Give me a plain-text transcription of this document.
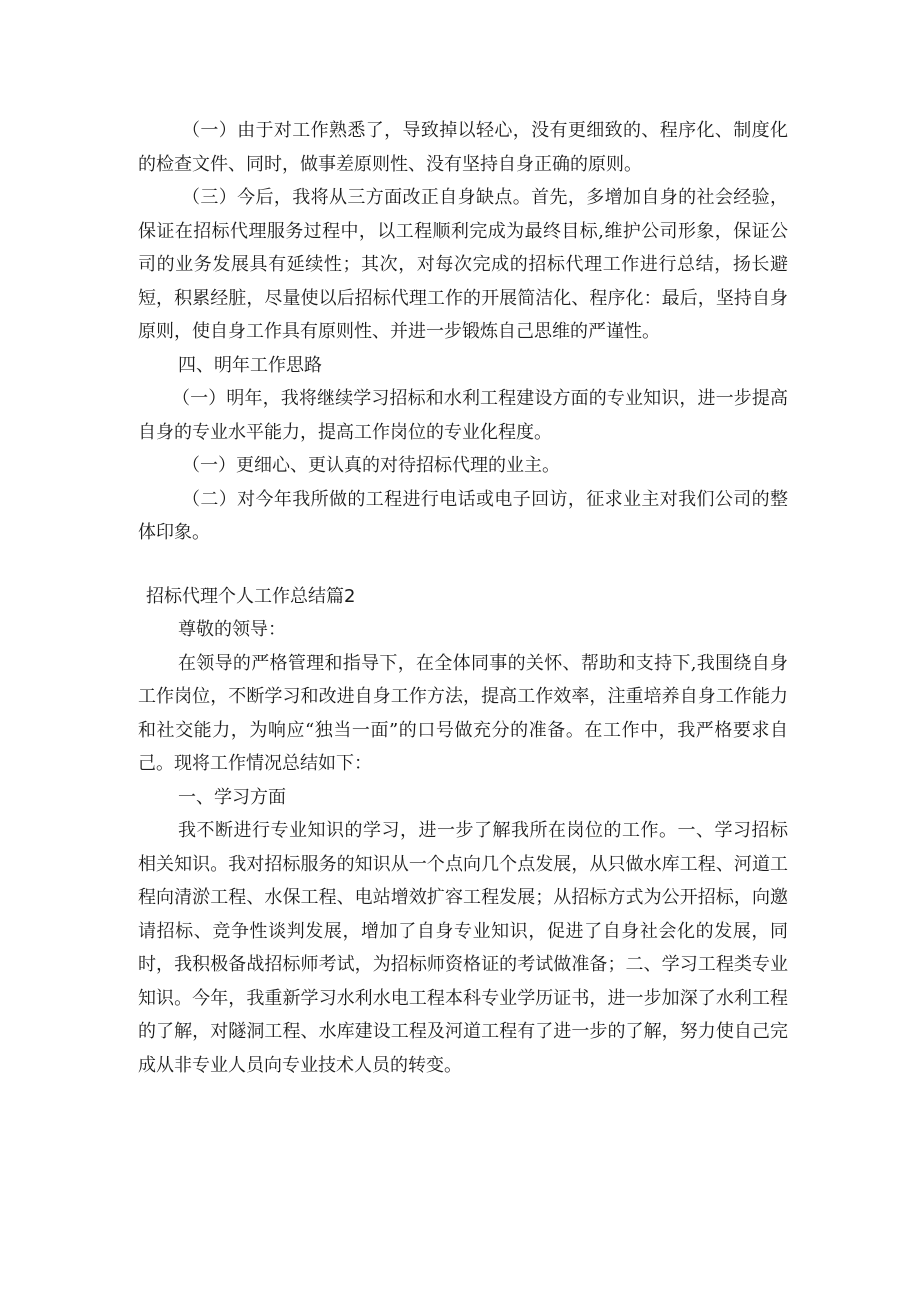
（一）由于对工作熟悉了，导致掉以轻心，没有更细致的、程序化、制度化的检查文件、同时，做事差原则性、没有坚持自身正确的原则。

（三）今后，我将从三方面改正自身缺点。首先，多增加自身的社会经验，保证在招标代理服务过程中，以工程顺利完成为最终目标,维护公司形象，保证公司的业务发展具有延续性；其次，对每次完成的招标代理工作进行总结，扬长避短，积累经脏，尽量使以后招标代理工作的开展简洁化、程序化：最后，坚持自身原则，使自身工作具有原则性、并进一步锻炼自己思维的严谨性。

四、明年工作思路

（一）明年，我将继续学习招标和水利工程建设方面的专业知识，进一步提高自身的专业水平能力，提高工作岗位的专业化程度。

（一）更细心、更认真的对待招标代理的业主。

（二）对今年我所做的工程进行电话或电子回访，征求业主对我们公司的整体印象。

招标代理个人工作总结篇2

尊敬的领导：

在领导的严格管理和指导下，在全体同事的关怀、帮助和支持下,我围绕自身工作岗位，不断学习和改进自身工作方法，提高工作效率，注重培养自身工作能力和社交能力，为响应“独当一面”的口号做充分的准备。在工作中，我严格要求自己。现将工作情况总结如下：

一、学习方面

我不断进行专业知识的学习，进一步了解我所在岗位的工作。一、学习招标相关知识。我对招标服务的知识从一个点向几个点发展，从只做水库工程、河道工程向清淤工程、水保工程、电站增效扩容工程发展；从招标方式为公开招标，向邀请招标、竞争性谈判发展，增加了自身专业知识，促进了自身社会化的发展，同时，我积极备战招标师考试，为招标师资格证的考试做准备；二、学习工程类专业知识。今年，我重新学习水利水电工程本科专业学历证书，进一步加深了水利工程的了解，对隧洞工程、水库建设工程及河道工程有了进一步的了解，努力使自己完成从非专业人员向专业技术人员的转变。
